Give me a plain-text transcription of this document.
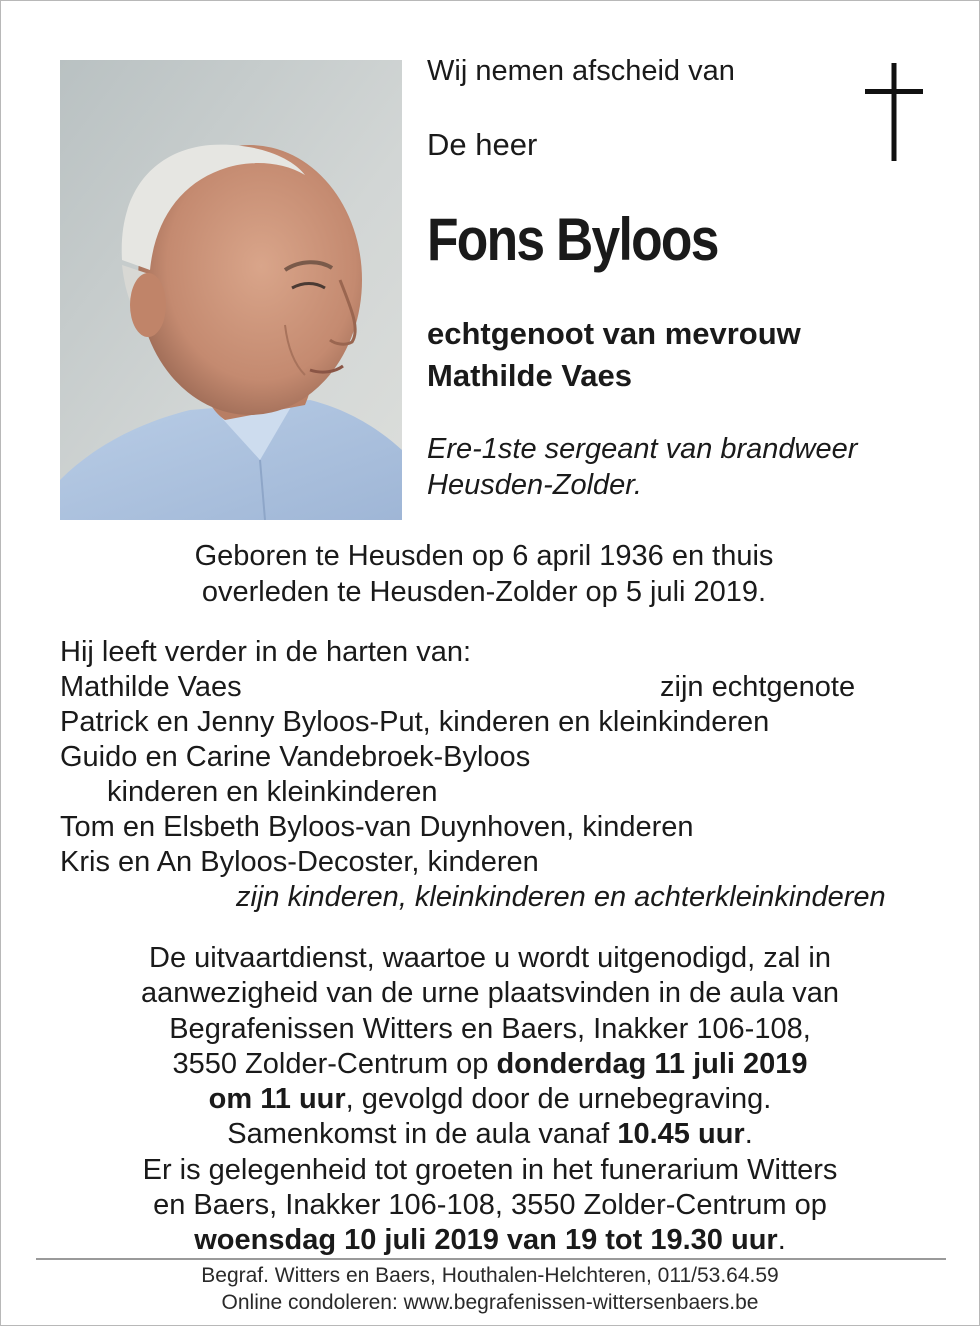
Wij nemen afscheid van
De heer
Fons Byloos
echtgenoot van mevrouw
Mathilde Vaes
Ere-1ste sergeant van brandweer
Heusden-Zolder.
Geboren te Heusden op 6 april 1936 en thuis
overleden te Heusden-Zolder op 5 juli 2019.
Hij leeft verder in de harten van:
Mathilde Vaes	zijn echtgenote
Patrick en Jenny Byloos-Put, kinderen en kleinkinderen
Guido en Carine Vandebroek-Byloos
kinderen en kleinkinderen
Tom en Elsbeth Byloos-van Duynhoven, kinderen
Kris en An Byloos-Decoster, kinderen
zijn kinderen, kleinkinderen en achterkleinkinderen
De uitvaartdienst, waartoe u wordt uitgenodigd, zal in
aanwezigheid van de urne plaatsvinden in de aula van
Begrafenissen Witters en Baers, Inakker 106-108,
3550 Zolder-Centrum op donderdag 11 juli 2019
om 11 uur, gevolgd door de urnebegraving.
Samenkomst in de aula vanaf 10.45 uur.
Er is gelegenheid tot groeten in het funerarium Witters
en Baers, Inakker 106-108, 3550 Zolder-Centrum op
woensdag 10 juli 2019 van 19 tot 19.30 uur.
Begraf. Witters en Baers, Houthalen-Helchteren, 011/53.64.59
Online condoleren: www.begrafenissen-wittersenbaers.be
